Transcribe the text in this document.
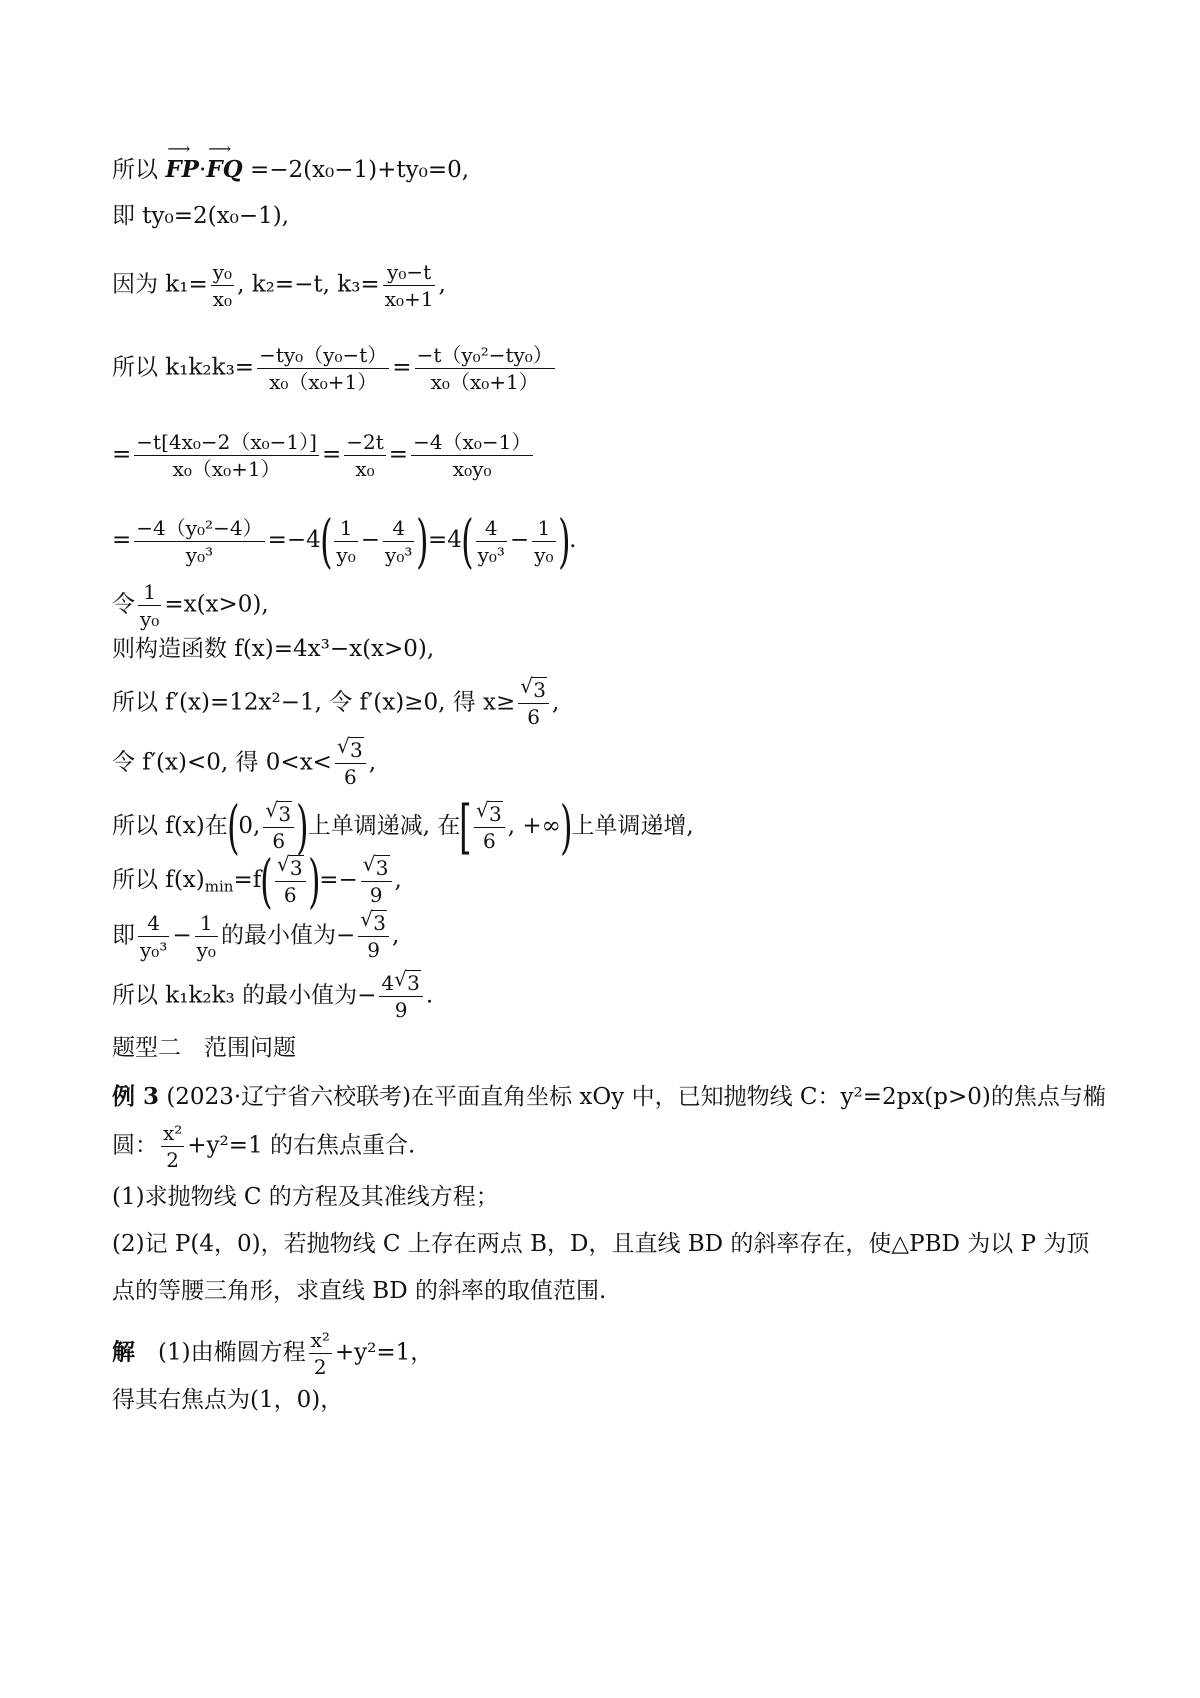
所以
⟶
FP·
⟶
FQ =−2(x₀−1)+ty₀=0,
即 ty₀=2(x₀−1),
因为 $k_1= \frac{\text{y₀}}{\text{x₀}}$ , k₂=−t, $k_3= \frac{\text{y₀−t}}{\text{x₀+1}}$ ,
所以 $k_1k_2k_3= \frac{\text{−ty₀（y₀−t）}}{\text{x₀（x₀+1）}} = \frac{\text{−t（y₀²−ty₀）}}{\text{x₀（x₀+1）}}$
= $\frac{\text{−t[4x₀−2（x₀−1）]}}{\text{x₀（x₀+1）}} = \frac{-2t}{\text{x₀}} = \frac{\text{−4（x₀−1）}}{\text{x₀y₀}}$
= $\frac{\text{−4（y₀²−4）}}{\text{y₀³}} =-4( \frac{1}{\text{y₀}} - \frac{4}{\text{y₀³}} )=4( \frac{4}{\text{y₀³}} - \frac{1}{\text{y₀}}$ ).
令 $\frac{1}{\text{y₀}} =x(x>0)$,
则构造函数 f(x)=4x³−x(x>0),
所以 f′(x)=12x²−1, 令 f′(x)≥0, 得 x≥ √ $\frac{3}{6}$ ,
令 f′(x)<0, 得 0<x< √ $\frac{3}{6}$ ,
所以 f(x)在(0, √ $\frac{3}{6}$ )上单调递减, 在[ √ $\frac{3}{6}$ , +∞)上单调递增,
所以 $f(x)_{min}=f$( √ $\frac{3}{6}$ )=− √ $\frac{3}{9}$ ,
即 $\frac{4}{\text{y₀³}} - \frac{1}{\text{y₀}}$ 的最小值为− √ $\frac{3}{9}$ ,
所以 k₁k₂k₃ 的最小值为− $\frac{4 √ 3}{9}$ .
题型二　范围问题
例 3 (2023·辽宁省六校联考)在平面直角坐标 xOy 中，已知抛物线 C：y²=2px(p>0)的焦点与椭
圆： $\frac{\text{x²}}{2} +y^2=1$ 的右焦点重合.
(1)求抛物线 C 的方程及其准线方程；
(2)记 P(4，0)，若抛物线 C 上存在两点 B，D，且直线 BD 的斜率存在，使△PBD 为以 P 为顶
点的等腰三角形，求直线 BD 的斜率的取值范围.
解　 (1)由椭圆方程 $\frac{\text{x²}}{2} +y^2=1$，
得其右焦点为(1，0)，
